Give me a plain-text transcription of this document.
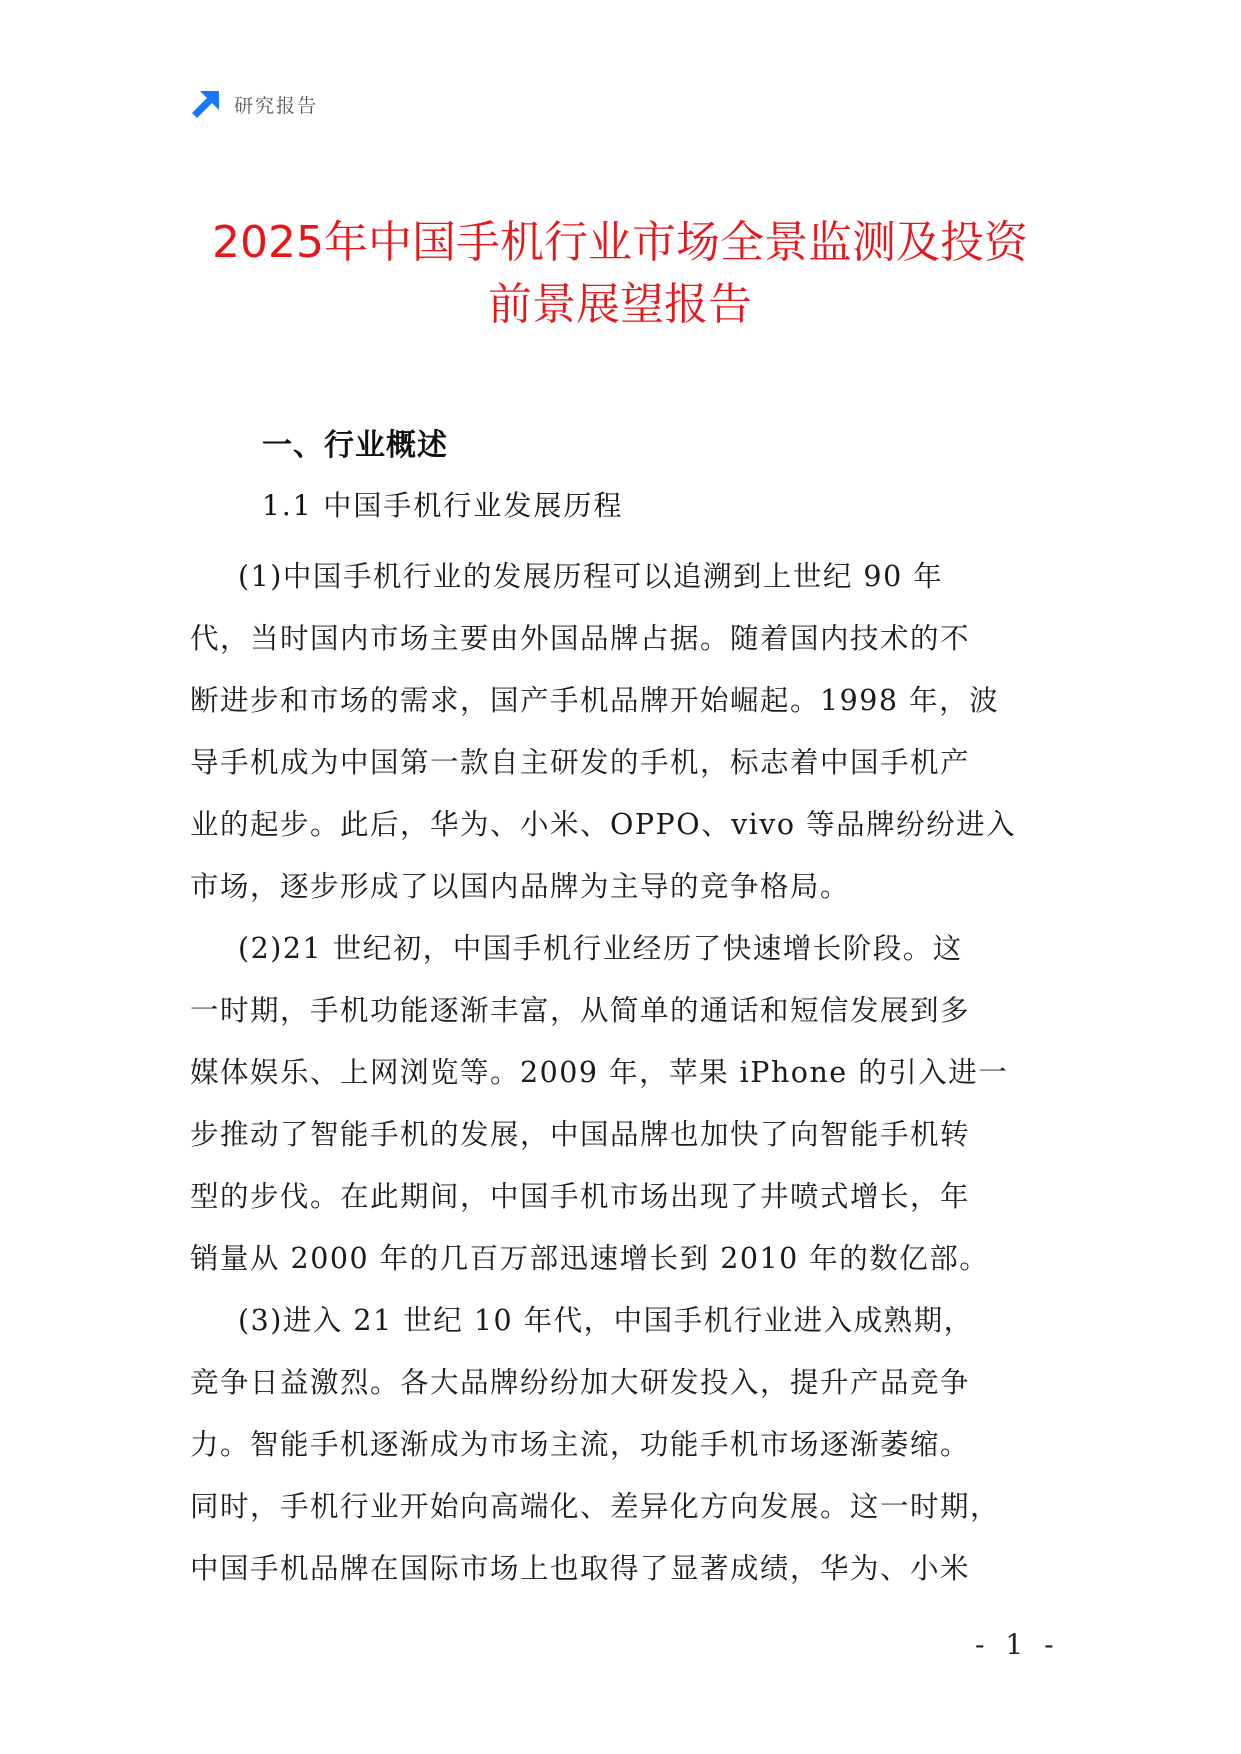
研究报告
2025年中国手机行业市场全景监测及投资
前景展望报告
一、行业概述
1.1 中国手机行业发展历程
(1)中国手机行业的发展历程可以追溯到上世纪 90 年
代，当时国内市场主要由外国品牌占据。随着国内技术的不
断进步和市场的需求，国产手机品牌开始崛起。1998 年，波
导手机成为中国第一款自主研发的手机，标志着中国手机产
业的起步。此后，华为、小米、OPPO、vivo 等品牌纷纷进入
市场，逐步形成了以国内品牌为主导的竞争格局。
(2)21 世纪初，中国手机行业经历了快速增长阶段。这
一时期，手机功能逐渐丰富，从简单的通话和短信发展到多
媒体娱乐、上网浏览等。2009 年，苹果 iPhone 的引入进一
步推动了智能手机的发展，中国品牌也加快了向智能手机转
型的步伐。在此期间，中国手机市场出现了井喷式增长，年
销量从 2000 年的几百万部迅速增长到 2010 年的数亿部。
(3)进入 21 世纪 10 年代，中国手机行业进入成熟期，
竞争日益激烈。各大品牌纷纷加大研发投入，提升产品竞争
力。智能手机逐渐成为市场主流，功能手机市场逐渐萎缩。
同时，手机行业开始向高端化、差异化方向发展。这一时期，
中国手机品牌在国际市场上也取得了显著成绩，华为、小米
- 1 -
